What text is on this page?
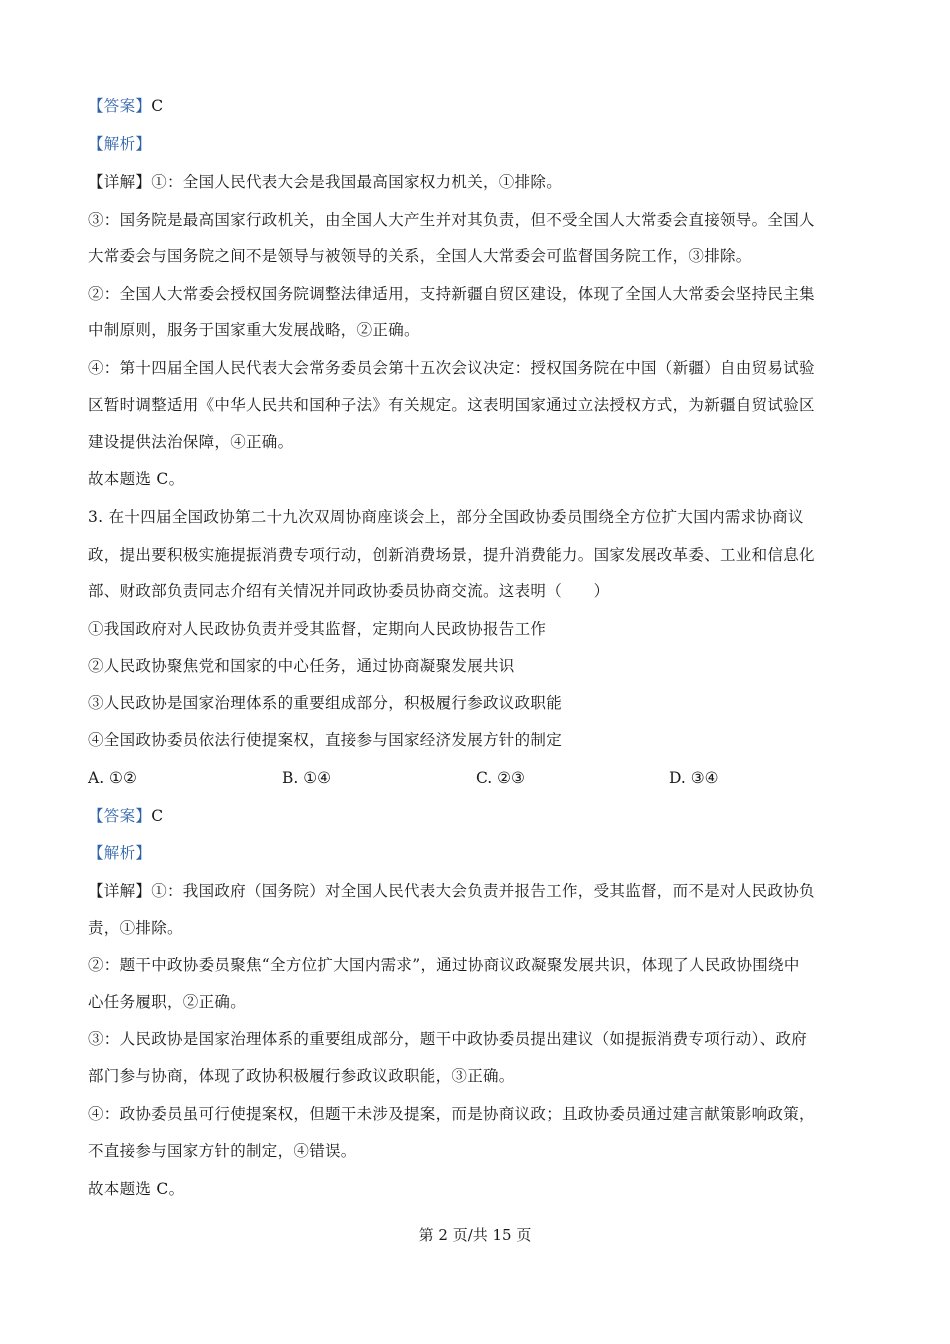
【答案】C
【解析】
【详解】①：全国人民代表大会是我国最高国家权力机关，①排除。
③：国务院是最高国家行政机关，由全国人大产生并对其负责，但不受全国人大常委会直接领导。全国人
大常委会与国务院之间不是领导与被领导的关系，全国人大常委会可监督国务院工作，③排除。
②：全国人大常委会授权国务院调整法律适用，支持新疆自贸区建设，体现了全国人大常委会坚持民主集
中制原则，服务于国家重大发展战略，②正确。
④：第十四届全国人民代表大会常务委员会第十五次会议决定：授权国务院在中国（新疆）自由贸易试验
区暂时调整适用《中华人民共和国种子法》有关规定。这表明国家通过立法授权方式，为新疆自贸试验区
建设提供法治保障，④正确。
故本题选 C。
3. 在十四届全国政协第二十九次双周协商座谈会上，部分全国政协委员围绕全方位扩大国内需求协商议
政，提出要积极实施提振消费专项行动，创新消费场景，提升消费能力。国家发展改革委、工业和信息化
部、财政部负责同志介绍有关情况并同政协委员协商交流。这表明（　　）
①我国政府对人民政协负责并受其监督，定期向人民政协报告工作
②人民政协聚焦党和国家的中心任务，通过协商凝聚发展共识
③人民政协是国家治理体系的重要组成部分，积极履行参政议政职能
④全国政协委员依法行使提案权，直接参与国家经济发展方针的制定
A. ①②	B. ①④	C. ②③	D. ③④
【答案】C
【解析】
【详解】①：我国政府（国务院）对全国人民代表大会负责并报告工作，受其监督，而不是对人民政协负
责，①排除。
②：题干中政协委员聚焦“全方位扩大国内需求”，通过协商议政凝聚发展共识，体现了人民政协围绕中
心任务履职，②正确。
③：人民政协是国家治理体系的重要组成部分，题干中政协委员提出建议（如提振消费专项行动）、政府
部门参与协商，体现了政协积极履行参政议政职能，③正确。
④：政协委员虽可行使提案权，但题干未涉及提案，而是协商议政；且政协委员通过建言献策影响政策，
不直接参与国家方针的制定，④错误。
故本题选 C。
第 2 页/共 15 页
